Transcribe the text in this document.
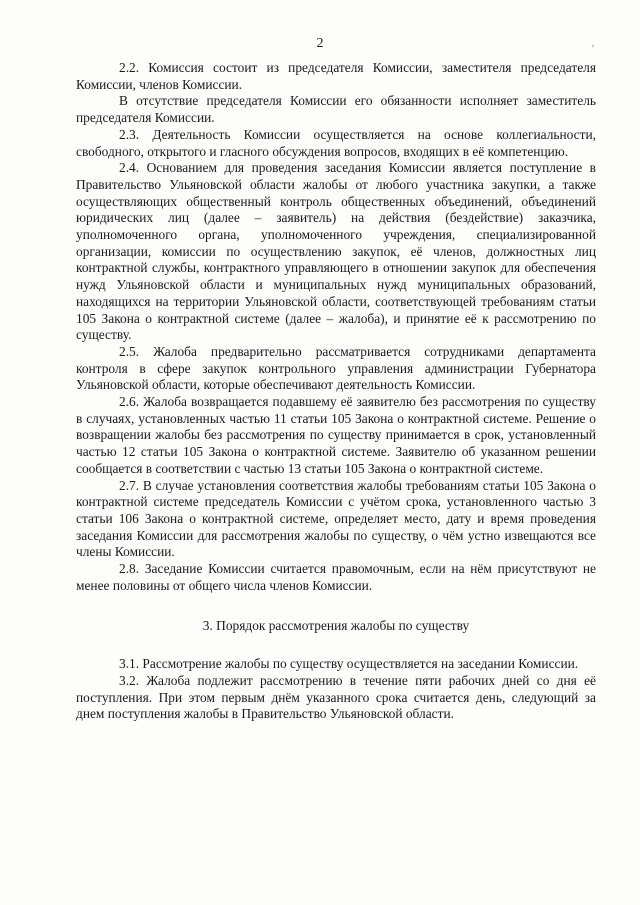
2	'

2.2. Комиссия состоит из председателя Комиссии, заместителя председателя Комиссии, членов Комиссии.

В отсутствие председателя Комиссии его обязанности исполняет заместитель председателя Комиссии.

2.3. Деятельность Комиссии осуществляется на основе коллегиальности, свободного, открытого и гласного обсуждения вопросов, входящих в её компетенцию.

2.4. Основанием для проведения заседания Комиссии является поступление в Правительство Ульяновской области жалобы от любого участника закупки, а также осуществляющих общественный контроль общественных объединений, объединений юридических лиц (далее – заявитель) на действия (бездействие) заказчика, уполномоченного органа, уполномоченного учреждения, специализированной организации, комиссии по осуществлению закупок, её членов, должностных лиц контрактной службы, контрактного управляющего в отношении закупок для обеспечения нужд Ульяновской области и муниципальных нужд муниципальных образований, находящихся на территории Ульяновской области, соответствующей требованиям статьи 105 Закона о контрактной системе (далее – жалоба), и принятие её к рассмотрению по существу.

2.5. Жалоба предварительно рассматривается сотрудниками департамента контроля в сфере закупок контрольного управления администрации Губернатора Ульяновской области, которые обеспечивают деятельность Комиссии.

2.6. Жалоба возвращается подавшему её заявителю без рассмотрения по существу в случаях, установленных частью 11 статьи 105 Закона о контрактной системе. Решение о возвращении жалобы без рассмотрения по существу принимается в срок, установленный частью 12 статьи 105 Закона о контрактной системе. Заявителю об указанном решении сообщается в соответствии с частью 13 статьи 105 Закона о контрактной системе.

2.7. В случае установления соответствия жалобы требованиям статьи 105 Закона о контрактной системе председатель Комиссии с учётом срока, установленного частью 3 статьи 106 Закона о контрактной системе, определяет место, дату и время проведения заседания Комиссии для рассмотрения жалобы по существу, о чём устно извещаются все члены Комиссии.

2.8. Заседание Комиссии считается правомочным, если на нём присутствуют не менее половины от общего числа членов Комиссии.

3. Порядок рассмотрения жалобы по существу

3.1. Рассмотрение жалобы по существу осуществляется на заседании Комиссии.

3.2. Жалоба подлежит рассмотрению в течение пяти рабочих дней со дня её поступления. При этом первым днём указанного срока считается день, следующий за днем поступления жалобы в Правительство Ульяновской области.
